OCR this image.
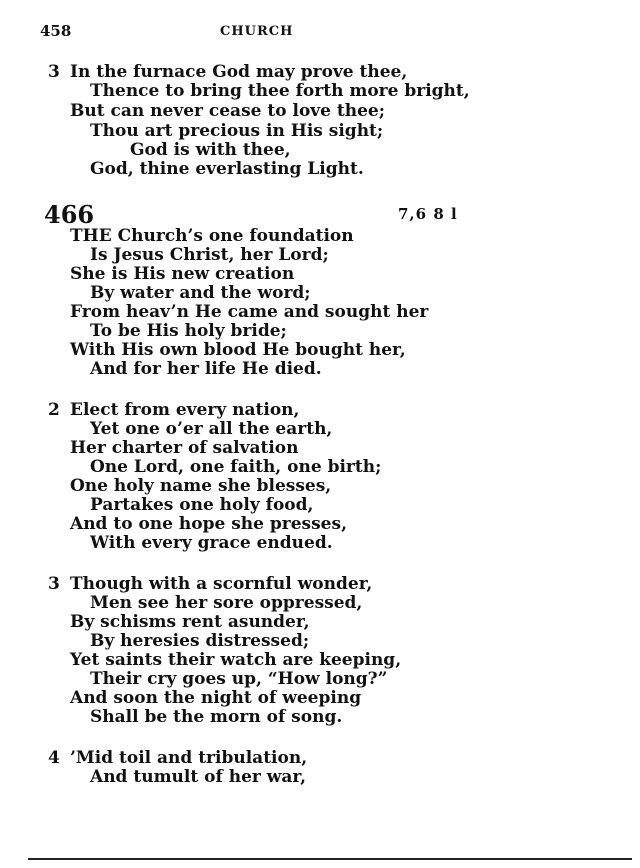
458	CHURCH
3 In the furnace God may prove thee,
Thence to bring thee forth more bright,
But can never cease to love thee;
Thou art precious in His sight;
God is with thee,
God, thine everlasting Light.
466	7,6 8 l
THE Church’s one foundation
Is Jesus Christ, her Lord;
She is His new creation
By water and the word;
From heav’n He came and sought her
To be His holy bride;
With His own blood He bought her,
And for her life He died.
2 Elect from every nation,
Yet one o’er all the earth,
Her charter of salvation
One Lord, one faith, one birth;
One holy name she blesses,
Partakes one holy food,
And to one hope she presses,
With every grace endued.
3 Though with a scornful wonder,
Men see her sore oppressed,
By schisms rent asunder,
By heresies distressed;
Yet saints their watch are keeping,
Their cry goes up, “How long?”
And soon the night of weeping
Shall be the morn of song.
4 ’Mid toil and tribulation,
And tumult of her war,
